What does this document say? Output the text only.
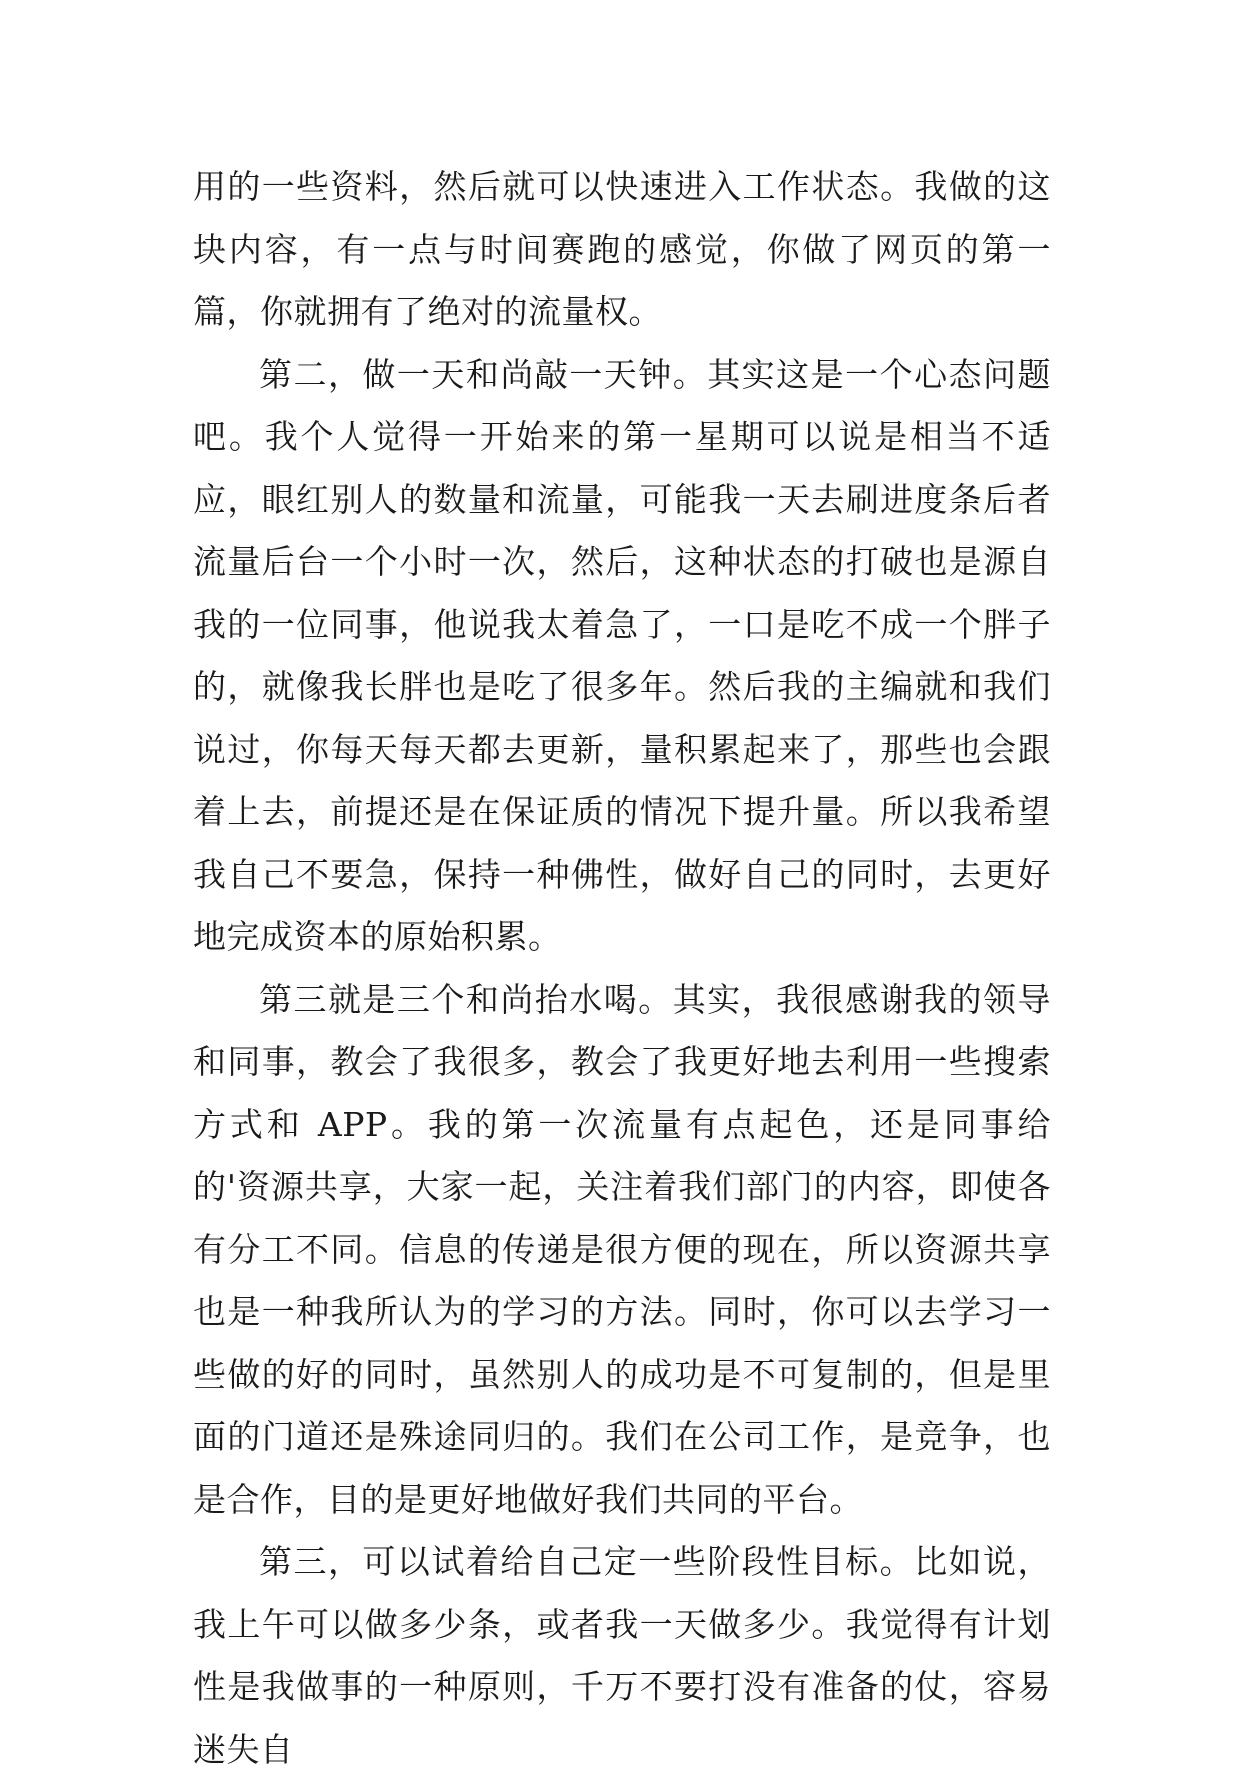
用的一些资料，然后就可以快速进入工作状态。我做的这块内容，有一点与时间赛跑的感觉，你做了网页的第一篇，你就拥有了绝对的流量权。

第二，做一天和尚敲一天钟。其实这是一个心态问题吧。我个人觉得一开始来的第一星期可以说是相当不适应，眼红别人的数量和流量，可能我一天去刷进度条后者流量后台一个小时一次，然后，这种状态的打破也是源自我的一位同事，他说我太着急了，一口是吃不成一个胖子的，就像我长胖也是吃了很多年。然后我的主编就和我们说过，你每天每天都去更新，量积累起来了，那些也会跟着上去，前提还是在保证质的情况下提升量。所以我希望我自己不要急，保持一种佛性，做好自己的同时，去更好地完成资本的原始积累。

第三就是三个和尚抬水喝。其实，我很感谢我的领导和同事，教会了我很多，教会了我更好地去利用一些搜索方式和 APP。我的第一次流量有点起色，还是同事给的'资源共享，大家一起，关注着我们部门的内容，即使各有分工不同。信息的传递是很方便的现在，所以资源共享也是一种我所认为的学习的方法。同时，你可以去学习一些做的好的同时，虽然别人的成功是不可复制的，但是里面的门道还是殊途同归的。我们在公司工作，是竞争，也是合作，目的是更好地做好我们共同的平台。

第三，可以试着给自己定一些阶段性目标。比如说，我上午可以做多少条，或者我一天做多少。我觉得有计划性是我做事的一种原则，千万不要打没有准备的仗，容易迷失自
